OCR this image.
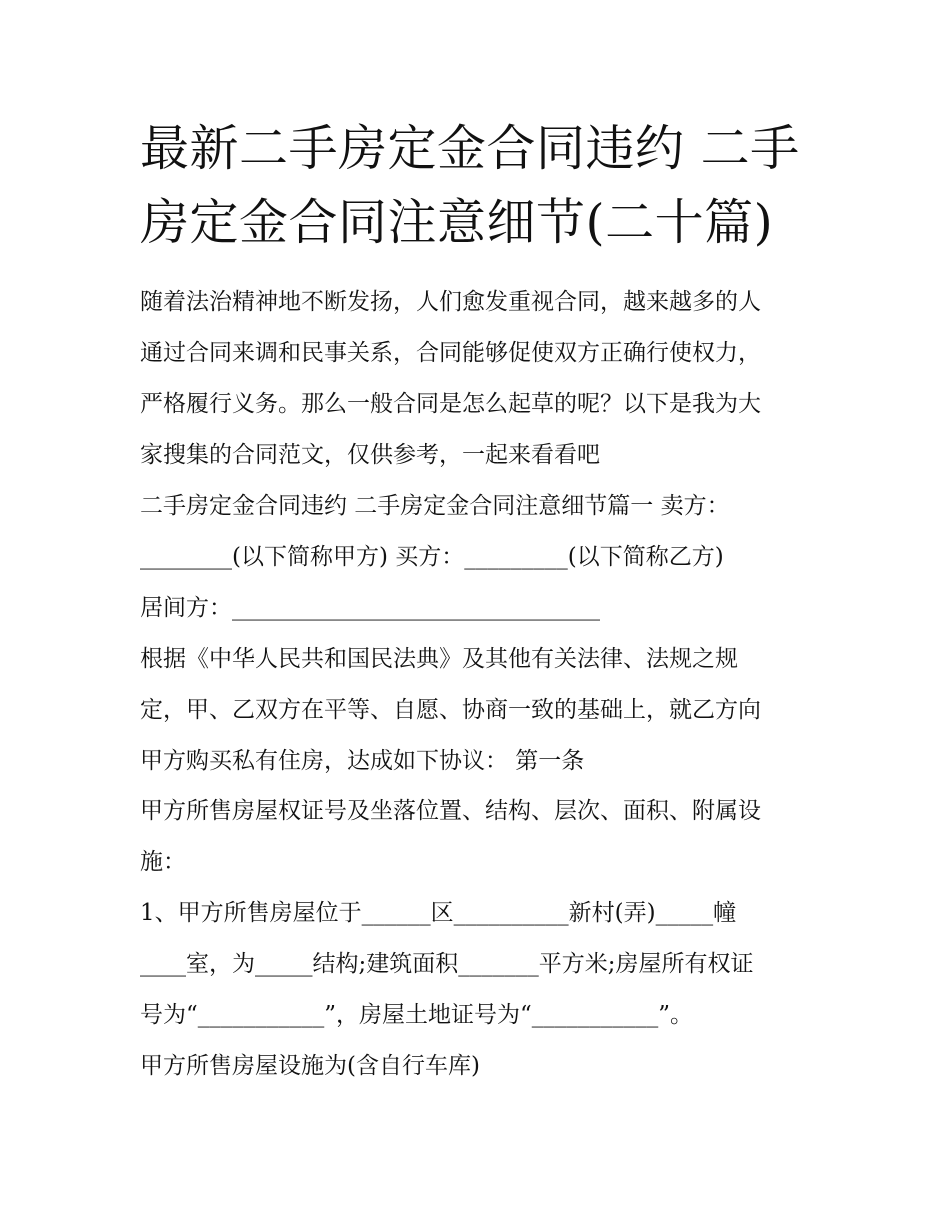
最新二手房定金合同违约 二手
房定金合同注意细节(二十篇)

随着法治精神地不断发扬，人们愈发重视合同，越来越多的人

通过合同来调和民事关系，合同能够促使双方正确行使权力，

严格履行义务。那么一般合同是怎么起草的呢？以下是我为大

家搜集的合同范文，仅供参考，一起来看看吧

二手房定金合同违约 二手房定金合同注意细节篇一 卖方：

________(以下简称甲方) 买方：_________(以下简称乙方)

居间方：________________________________

根据《中华人民共和国民法典》及其他有关法律、法规之规

定，甲、乙双方在平等、自愿、协商一致的基础上，就乙方向

甲方购买私有住房，达成如下协议： 第一条

甲方所售房屋权证号及坐落位置、结构、层次、面积、附属设

施：

1、甲方所售房屋位于______区__________新村(弄)_____幢

____室，为_____结构;建筑面积_______平方米;房屋所有权证

号为“___________”，房屋土地证号为“___________”。

甲方所售房屋设施为(含自行车库)
